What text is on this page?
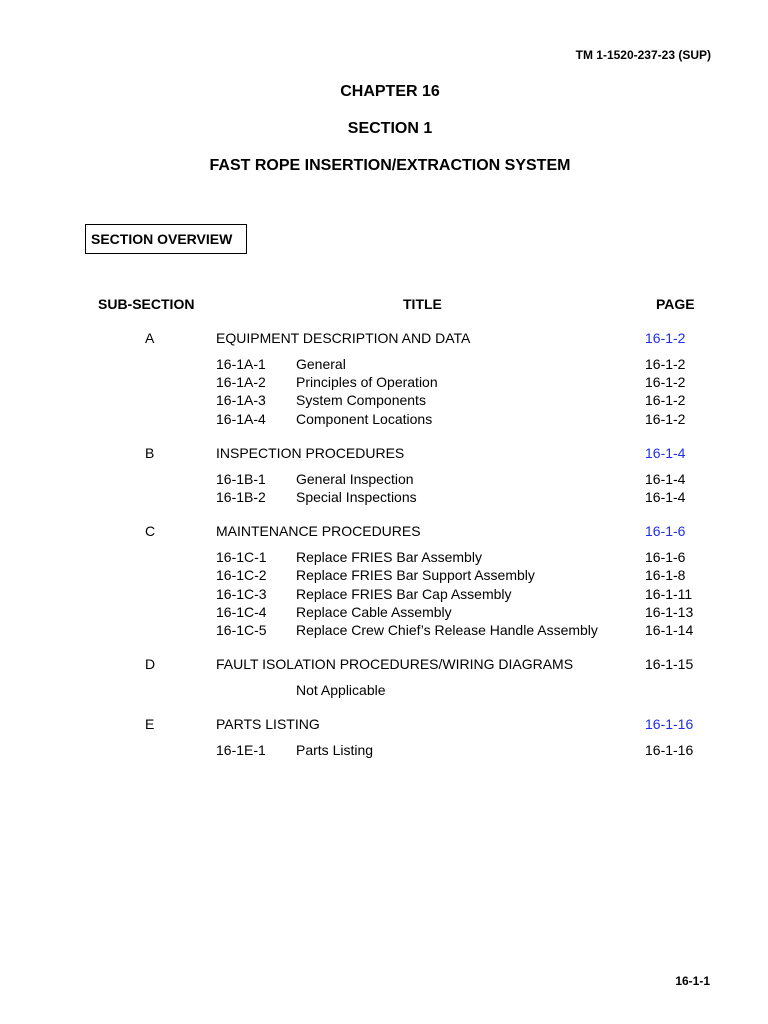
TM 1-1520-237-23 (SUP)
CHAPTER 16
SECTION 1
FAST ROPE INSERTION/EXTRACTION SYSTEM
SECTION OVERVIEW
SUB-SECTION	TITLE	PAGE
A	EQUIPMENT DESCRIPTION AND DATA	16-1-2
16-1A-1 General	16-1-2
16-1A-2 Principles of Operation	16-1-2
16-1A-3 System Components	16-1-2
16-1A-4 Component Locations	16-1-2
B	INSPECTION PROCEDURES	16-1-4
16-1B-1 General Inspection	16-1-4
16-1B-2 Special Inspections	16-1-4
C	MAINTENANCE PROCEDURES	16-1-6
16-1C-1 Replace FRIES Bar Assembly	16-1-6
16-1C-2 Replace FRIES Bar Support Assembly	16-1-8
16-1C-3 Replace FRIES Bar Cap Assembly	16-1-11
16-1C-4 Replace Cable Assembly	16-1-13
16-1C-5 Replace Crew Chief’s Release Handle Assembly	16-1-14
D	FAULT ISOLATION PROCEDURES/WIRING DIAGRAMS	16-1-15
Not Applicable
E	PARTS LISTING	16-1-16
16-1E-1 Parts Listing	16-1-16
16-1-1
